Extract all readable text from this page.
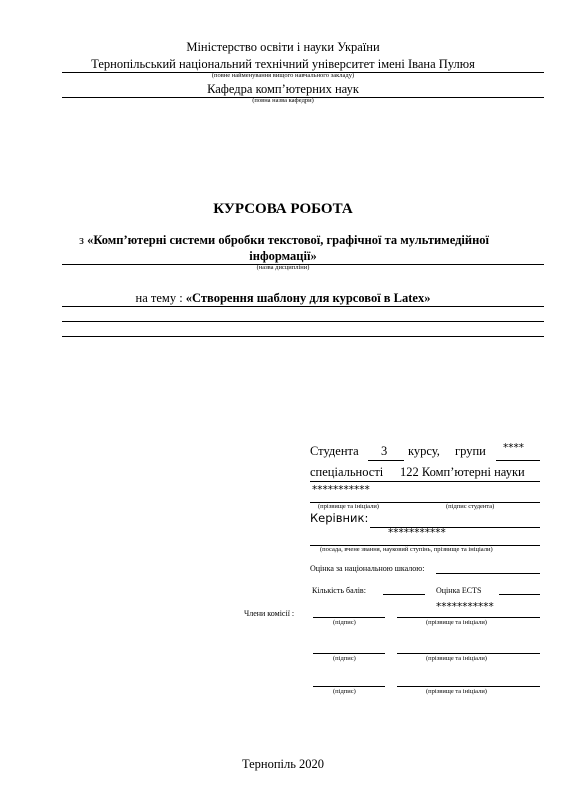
Міністерство освіти і науки України
Тернопільський національний технічний університет імені Івана Пулюя
(повне найменування вищого навчального закладу)
Кафедра комп’ютерних наук
(повна назва кафедри)
КУРСОВА РОБОТА
з «Комп’ютерні системи обробки текстової, графічної та мультимедійної
інформації»
(назва дисципліни)
на тему : «Створення шаблону для курсової в Latex»
Студента 3 курсу, групи ****
спеціальності 122 Комп’ютерні науки
***********
(прізвище та ініціали)	(підпис студента)
Керівник:
***********
(посада, вчене звання, науковий ступінь, прізвище та ініціали)
Оцінка за національною шкалою:
Кількість балів:	Оцінка ECTS
Члени комісії :
***********
(підпис)	(прізвище та ініціали)
(підпис)	(прізвище та ініціали)
(підпис)	(прізвище та ініціали)
Тернопіль 2020
